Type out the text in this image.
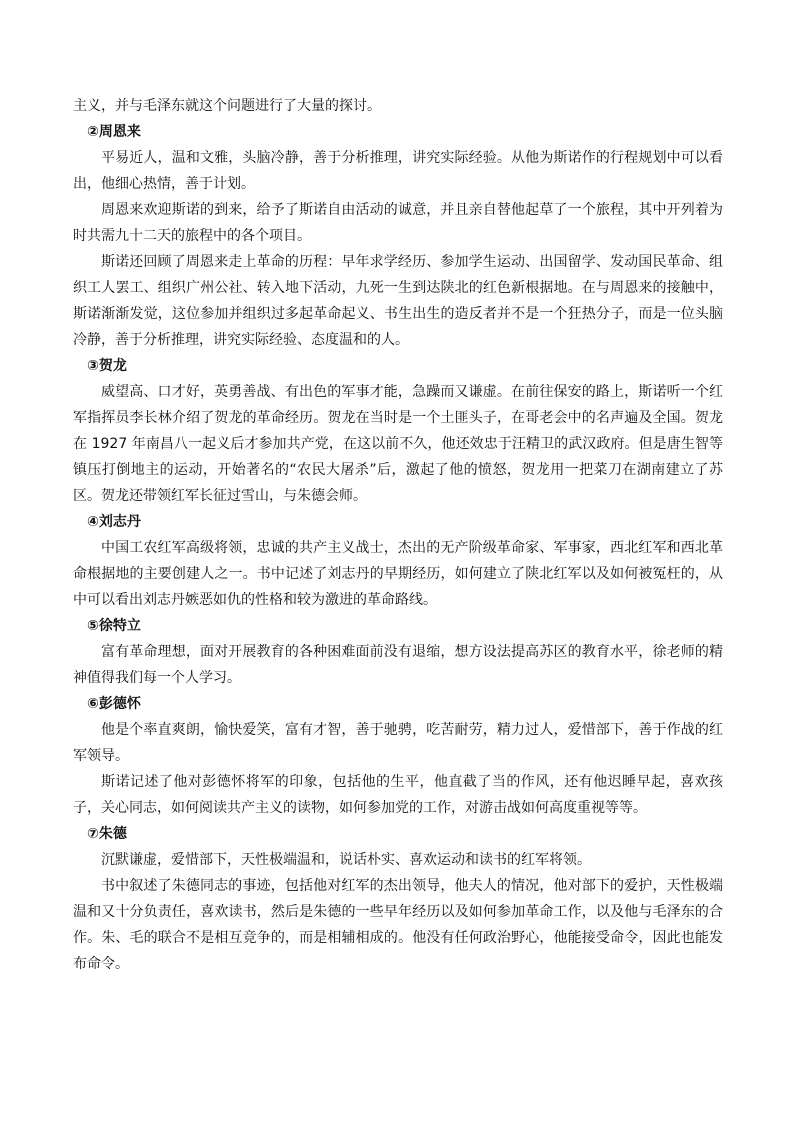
主义，并与毛泽东就这个问题进行了大量的探讨。

②周恩来

平易近人，温和文雅，头脑冷静，善于分析推理，讲究实际经验。从他为斯诺作的行程规划中可以看出，他细心热情，善于计划。

周恩来欢迎斯诺的到来，给予了斯诺自由活动的诚意，并且亲自替他起草了一个旅程，其中开列着为时共需九十二天的旅程中的各个项目。

斯诺还回顾了周恩来走上革命的历程：早年求学经历、参加学生运动、出国留学、发动国民革命、组织工人罢工、组织广州公社、转入地下活动，九死一生到达陕北的红色新根据地。在与周恩来的接触中，斯诺渐渐发觉，这位参加并组织过多起革命起义、书生出生的造反者并不是一个狂热分子，而是一位头脑冷静，善于分析推理，讲究实际经验、态度温和的人。

③贺龙

威望高、口才好，英勇善战、有出色的军事才能，急躁而又谦虚。在前往保安的路上，斯诺听一个红军指挥员李长林介绍了贺龙的革命经历。贺龙在当时是一个土匪头子，在哥老会中的名声遍及全国。贺龙在 1927 年南昌八一起义后才参加共产党，在这以前不久，他还效忠于汪精卫的武汉政府。但是唐生智等镇压打倒地主的运动，开始著名的“农民大屠杀”后，激起了他的愤怒，贺龙用一把菜刀在湖南建立了苏区。贺龙还带领红军长征过雪山，与朱德会师。

④刘志丹

中国工农红军高级将领，忠诚的共产主义战士，杰出的无产阶级革命家、军事家，西北红军和西北革命根据地的主要创建人之一。书中记述了刘志丹的早期经历，如何建立了陕北红军以及如何被冤枉的，从中可以看出刘志丹嫉恶如仇的性格和较为激进的革命路线。

⑤徐特立

富有革命理想，面对开展教育的各种困难面前没有退缩，想方设法提高苏区的教育水平，徐老师的精神值得我们每一个人学习。

⑥彭德怀

他是个率直爽朗，愉快爱笑，富有才智，善于驰骋，吃苦耐劳，精力过人，爱惜部下，善于作战的红军领导。

斯诺记述了他对彭德怀将军的印象，包括他的生平，他直截了当的作风，还有他迟睡早起，喜欢孩子，关心同志，如何阅读共产主义的读物，如何参加党的工作，对游击战如何高度重视等等。

⑦朱德

沉默谦虚，爱惜部下，天性极端温和，说话朴实、喜欢运动和读书的红军将领。

书中叙述了朱德同志的事迹，包括他对红军的杰出领导，他夫人的情况，他对部下的爱护，天性极端温和又十分负责任，喜欢读书，然后是朱德的一些早年经历以及如何参加革命工作，以及他与毛泽东的合作。朱、毛的联合不是相互竞争的，而是相辅相成的。他没有任何政治野心，他能接受命令，因此也能发布命令。
